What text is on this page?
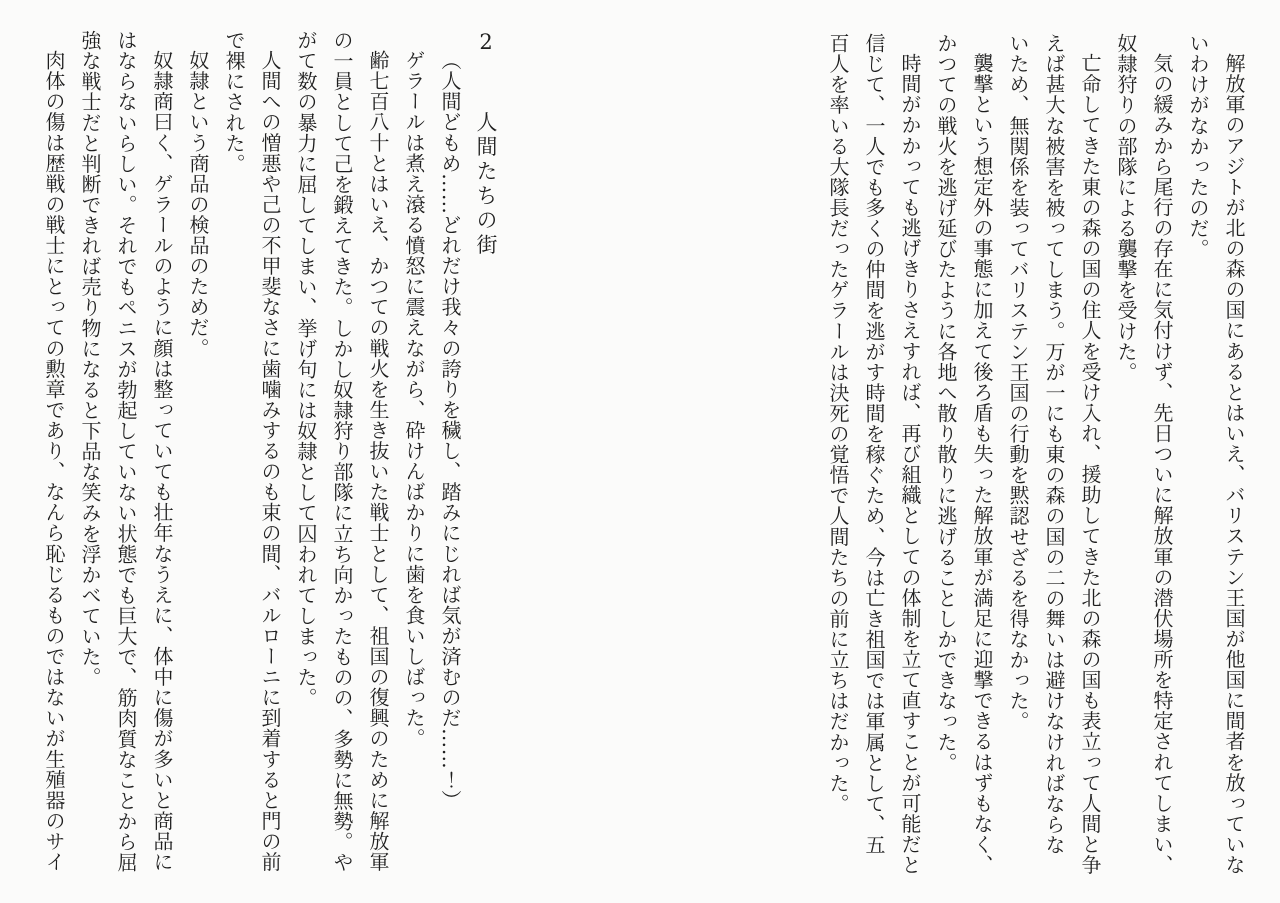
解放軍のアジトが北の森の国にあるとはいえ、バリステン王国が他国に間者を放っていないわけがなかったのだ。

気の緩みから尾行の存在に気付けず、先日ついに解放軍の潜伏場所を特定されてしまい、奴隷狩りの部隊による襲撃を受けた。

亡命してきた東の森の国の住人を受け入れ、援助してきた北の森の国も表立って人間と争えば甚大な被害を被ってしまう。万が一にも東の森の国の二の舞いは避けなければならないため、無関係を装ってバリステン王国の行動を黙認せざるを得なかった。

襲撃という想定外の事態に加えて後ろ盾も失った解放軍が満足に迎撃できるはずもなく、かつての戦火を逃げ延びたように各地へ散り散りに逃げることしかできなった。

時間がかかっても逃げきりさえすれば、再び組織としての体制を立て直すことが可能だと信じて、一人でも多くの仲間を逃がす時間を稼ぐため、今は亡き祖国では軍属として、五百人を率いる大隊長だったゲラールは決死の覚悟で人間たちの前に立ちはだかった。

2 人間たちの街

（人間どもめ……どれだけ我々の誇りを穢し、踏みにじれば気が済むのだ……！）

ゲラールは煮え滾る憤怒に震えながら、砕けんばかりに歯を食いしばった。

齢七百八十とはいえ、かつての戦火を生き抜いた戦士として、祖国の復興のために解放軍の一員として己を鍛えてきた。しかし奴隷狩り部隊に立ち向かったものの、多勢に無勢。やがて数の暴力に屈してしまい、挙げ句には奴隷として囚われてしまった。

人間への憎悪や己の不甲斐なさに歯噛みするのも束の間、バルローニに到着すると門の前で裸にされた。

奴隷という商品の検品のためだ。

奴隷商曰く、ゲラールのように顔は整っていても壮年なうえに、体中に傷が多いと商品にはならないらしい。それでもペニスが勃起していない状態でも巨大で、筋肉質なことから屈強な戦士だと判断できれば売り物になると下品な笑みを浮かべていた。

肉体の傷は歴戦の戦士にとっての勲章であり、なんら恥じるものではないが生殖器のサイ
